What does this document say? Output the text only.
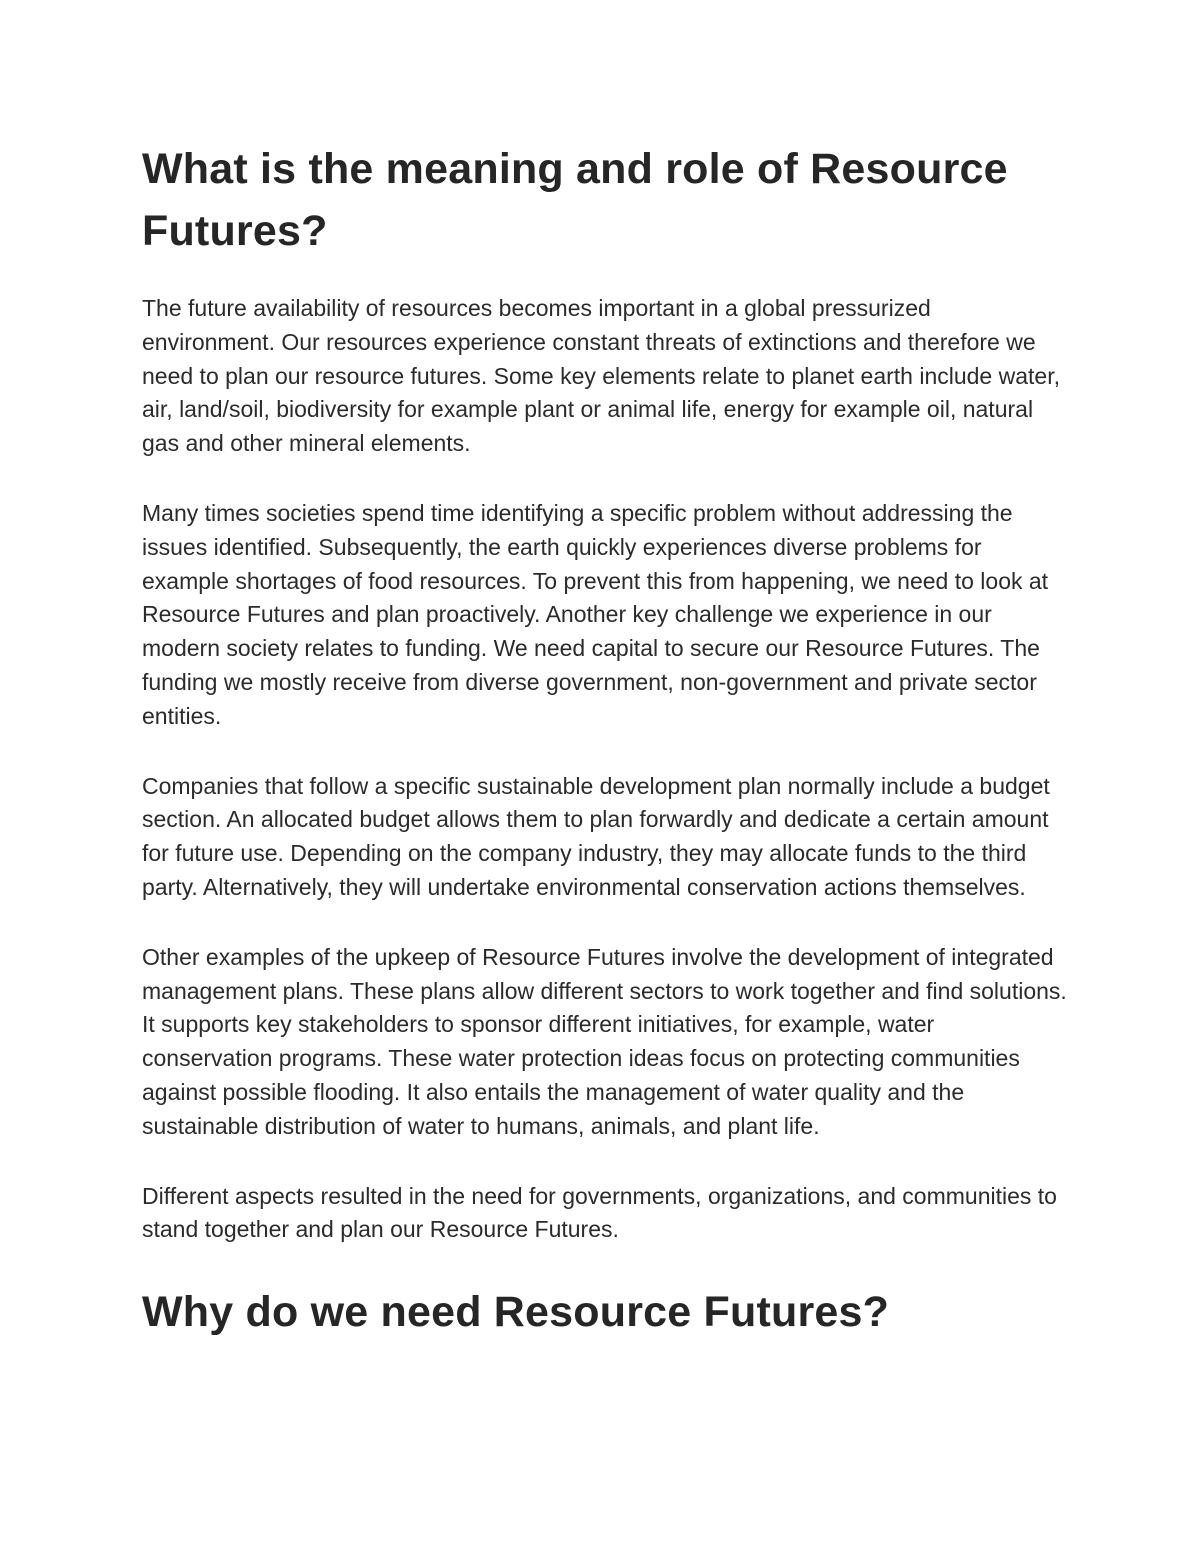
What is the meaning and role of Resource Futures?

The future availability of resources becomes important in a global pressurized environment. Our resources experience constant threats of extinctions and therefore we need to plan our resource futures. Some key elements relate to planet earth include water, air, land/soil, biodiversity for example plant or animal life, energy for example oil, natural gas and other mineral elements.

Many times societies spend time identifying a specific problem without addressing the issues identified. Subsequently, the earth quickly experiences diverse problems for example shortages of food resources. To prevent this from happening, we need to look at Resource Futures and plan proactively. Another key challenge we experience in our modern society relates to funding. We need capital to secure our Resource Futures. The funding we mostly receive from diverse government, non-government and private sector entities.

Companies that follow a specific sustainable development plan normally include a budget section. An allocated budget allows them to plan forwardly and dedicate a certain amount for future use. Depending on the company industry, they may allocate funds to the third party. Alternatively, they will undertake environmental conservation actions themselves.

Other examples of the upkeep of Resource Futures involve the development of integrated management plans. These plans allow different sectors to work together and find solutions. It supports key stakeholders to sponsor different initiatives, for example, water conservation programs. These water protection ideas focus on protecting communities against possible flooding. It also entails the management of water quality and the sustainable distribution of water to humans, animals, and plant life.

Different aspects resulted in the need for governments, organizations, and communities to stand together and plan our Resource Futures.

Why do we need Resource Futures?
